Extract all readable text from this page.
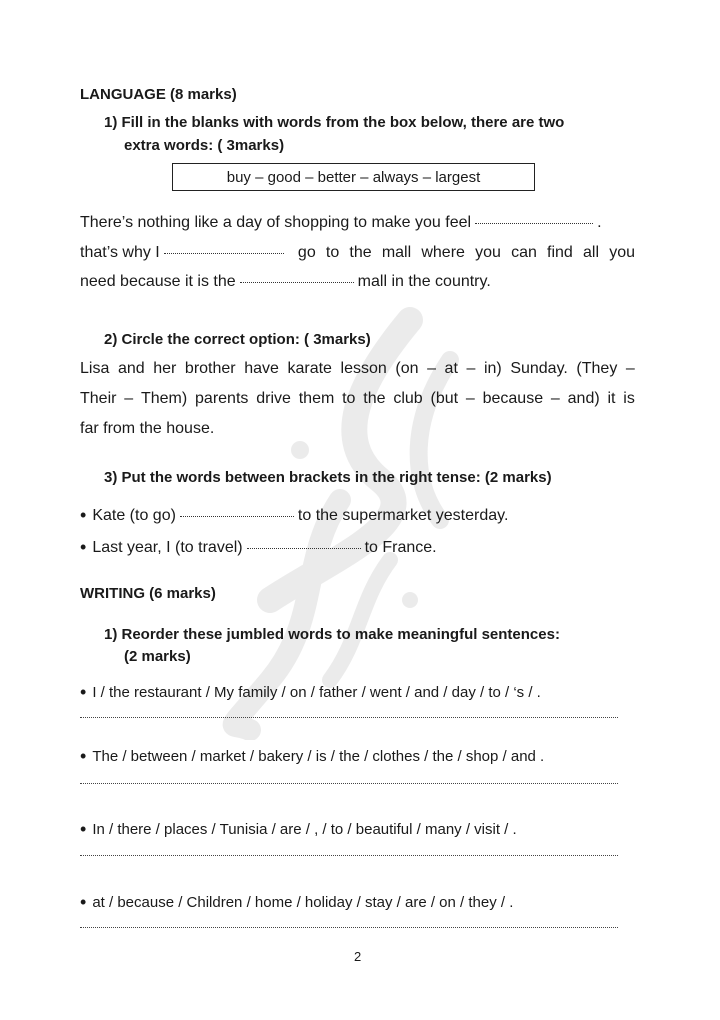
LANGUAGE (8 marks)
1) Fill in the blanks with words from the box below, there are two
extra words: ( 3marks)
buy – good – better – always – largest
There’s nothing like a day of shopping to make you feel	.
that’s why I	go to the mall where you can find all you
need because it is the	mall in the country.
2) Circle the correct option: ( 3marks)
Lisa and her brother have karate lesson (on – at – in) Sunday. (They –
Their – Them) parents drive them to the club (but – because – and) it is
far from the house.
3) Put the words between brackets in the right tense: (2 marks)
• Kate (to go)	to the supermarket yesterday.
• Last year, I (to travel)	to France.
WRITING (6 marks)
1) Reorder these jumbled words to make meaningful sentences:
(2 marks)
• I / the restaurant / My family / on / father / went / and / day / to / ‘s / .
• The / between / market / bakery / is / the / clothes / the / shop / and .
• In / there / places / Tunisia / are / , / to / beautiful / many / visit / .
• at / because / Children / home / holiday / stay / are / on / they / .
2
